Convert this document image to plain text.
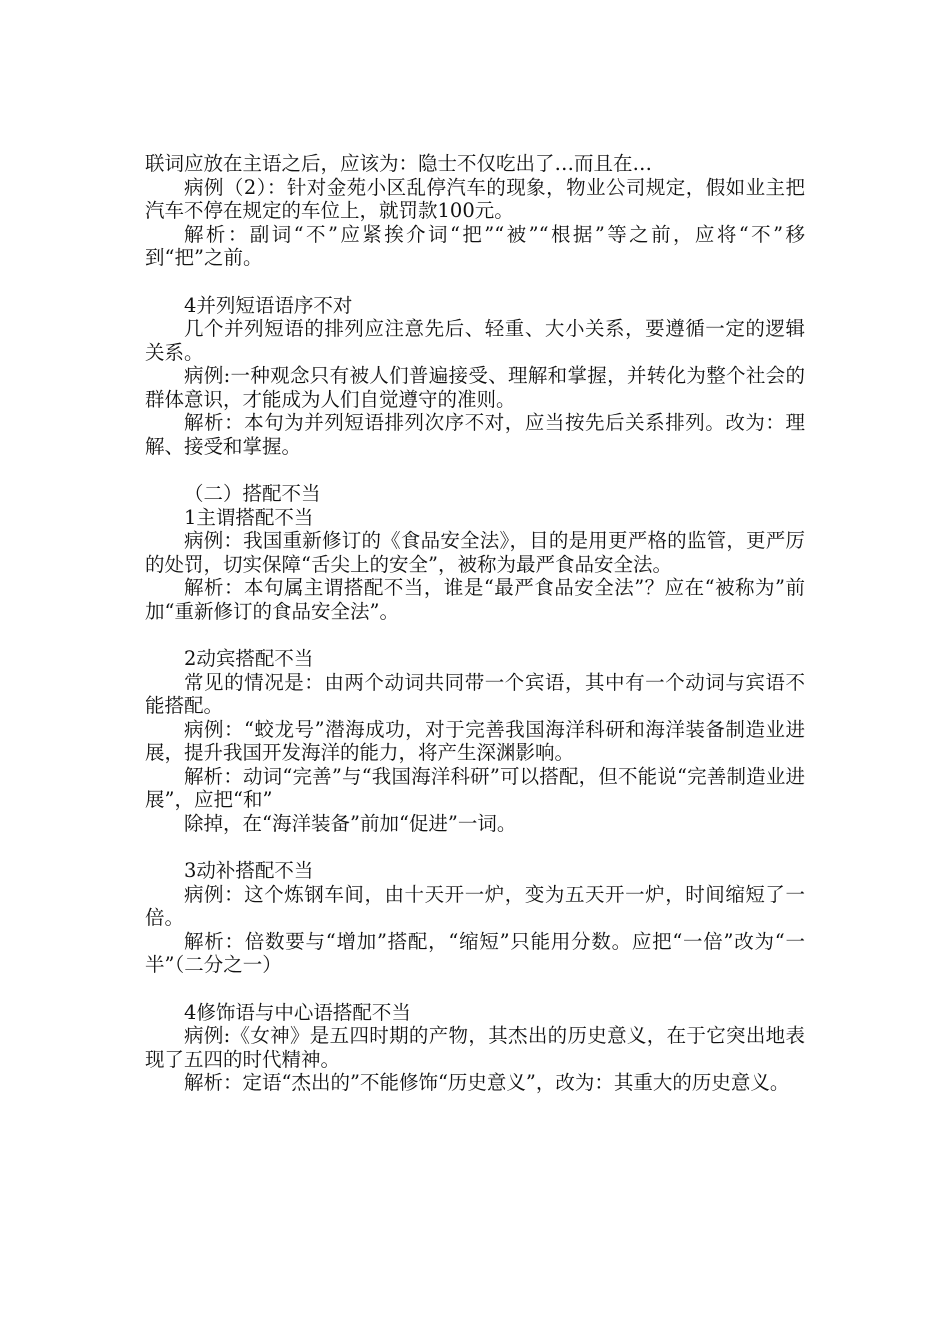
联词应放在主语之后，应该为：隐士不仅吃出了…而且在…

病例（2）：针对金苑小区乱停汽车的现象，物业公司规定，假如业主把汽车不停在规定的车位上，就罚款100元。

解析：副词“不”应紧挨介词“把”“被”“根据”等之前，应将“不”移到“把”之前。

4并列短语语序不对

几个并列短语的排列应注意先后、轻重、大小关系，要遵循一定的逻辑关系。

病例:一种观念只有被人们普遍接受、理解和掌握，并转化为整个社会的群体意识，才能成为人们自觉遵守的准则。

解析：本句为并列短语排列次序不对，应当按先后关系排列。改为：理解、接受和掌握。

（二）搭配不当

1主谓搭配不当

病例：我国重新修订的《食品安全法》，目的是用更严格的监管，更严厉的处罚，切实保障“舌尖上的安全”，被称为最严食品安全法。

解析：本句属主谓搭配不当，谁是“最严食品安全法”？应在“被称为”前加“重新修订的食品安全法”。

2动宾搭配不当

常见的情况是：由两个动词共同带一个宾语，其中有一个动词与宾语不能搭配。

病例：“蛟龙号”潜海成功，对于完善我国海洋科研和海洋装备制造业进展，提升我国开发海洋的能力，将产生深渊影响。

解析：动词“完善”与“我国海洋科研”可以搭配，但不能说“完善制造业进展”，应把“和”

除掉，在“海洋装备”前加“促进”一词。

3动补搭配不当

病例：这个炼钢车间，由十天开一炉，变为五天开一炉，时间缩短了一倍。

解析：倍数要与“增加”搭配，“缩短”只能用分数。应把“一倍”改为“一半”（二分之一）

4修饰语与中心语搭配不当

病例:《女神》是五四时期的产物，其杰出的历史意义，在于它突出地表现了五四的时代精神。

解析：定语“杰出的”不能修饰“历史意义”，改为：其重大的历史意义。
